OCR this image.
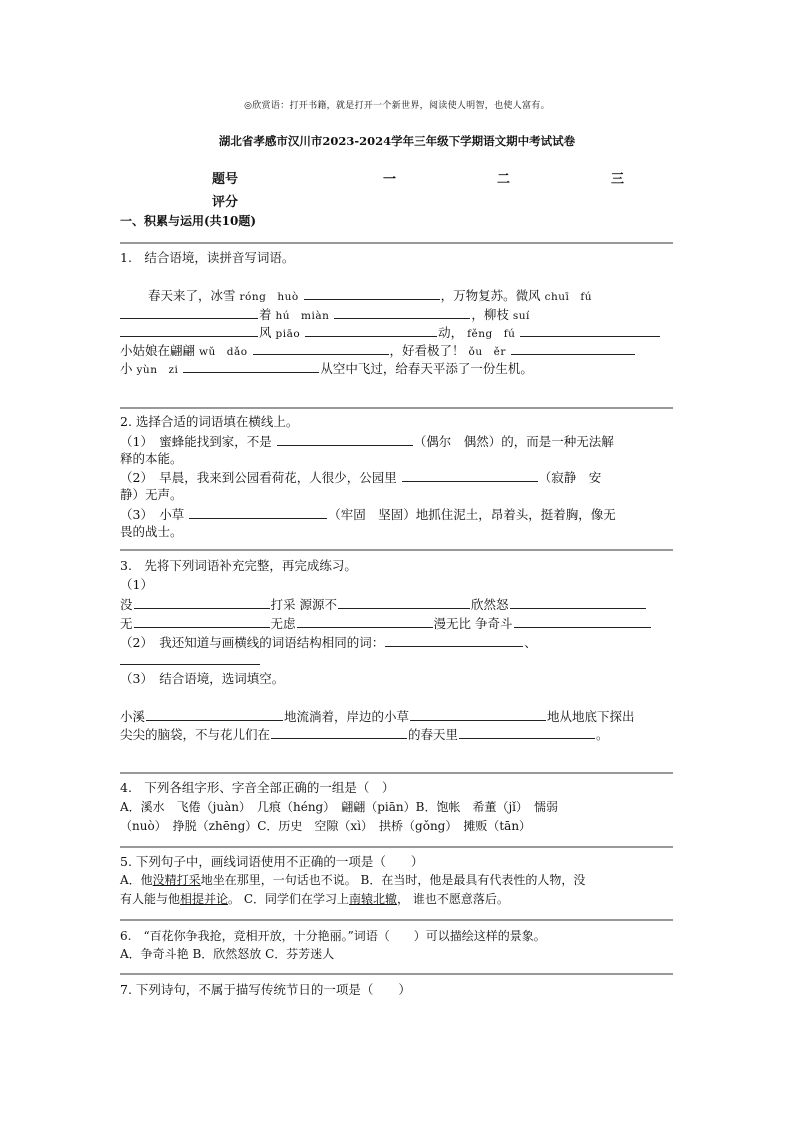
◎欣赏语：打开书籍，就是打开一个新世界，阅读使人明智，也使人富有。
湖北省孝感市汉川市2023-2024学年三年级下学期语文期中考试试卷
题号	一	二	三
评分
一、积累与运用(共10题)
1.　结合语境，读拼音写词语。
春天来了，冰雪 róng　huò	，万物复苏。微风 chuī　fú
着 hú　miàn	，柳枝 suí
风 piāo	动， fěng　fú
小姑娘在翩翩 wǔ　dǎo	，好看极了！ ǒu　ěr
小 yùn　zi	从空中飞过，给春天平添了一份生机。
2. 选择合适的词语填在横线上。
（1）　蜜蜂能找到家，不是	（偶尔　偶然）的，而是一种无法解
释的本能。
（2）　早晨，我来到公园看荷花，人很少，公园里	（寂静　安
静）无声。
（3）　小草	（牢固　坚固）地抓住泥土，昂着头，挺着胸，像无
畏的战士。
3.　先将下列词语补充完整，再完成练习。
（1）
没	打采 源源不	欣然怒
无	无虑	漫无比 争奇斗
（2）　我还知道与画横线的词语结构相同的词：	、
（3）　结合语境，选词填空。
小溪	地流淌着，岸边的小草	地从地底下探出
尖尖的脑袋，不与花儿们在	的春天里	。
4.　下列各组字形、字音全部正确的一组是（　）
A．溪水　飞倦（juàn）　几痕（héng）　翩翩（piān）B．饱帐　希董（jǐ）　懦弱
（nuò）　挣脱（zhēng）C．历史　空隙（xì）　拱桥（gǒng）　摊贩（tān）
5. 下列句子中，画线词语使用不正确的一项是（　　）
A．他没精打采地坐在那里，一句话也不说。 B．在当时，他是最具有代表性的人物，没
有人能与他相提并论。 C．同学们在学习上南辕北辙， 谁也不愿意落后。
6.　“百花你争我抢，竞相开放，十分艳丽。”词语（　　）可以描绘这样的景象。
A．争奇斗艳 B．欣然怒放 C．芬芳迷人
7. 下列诗句，不属于描写传统节日的一项是（　　）
